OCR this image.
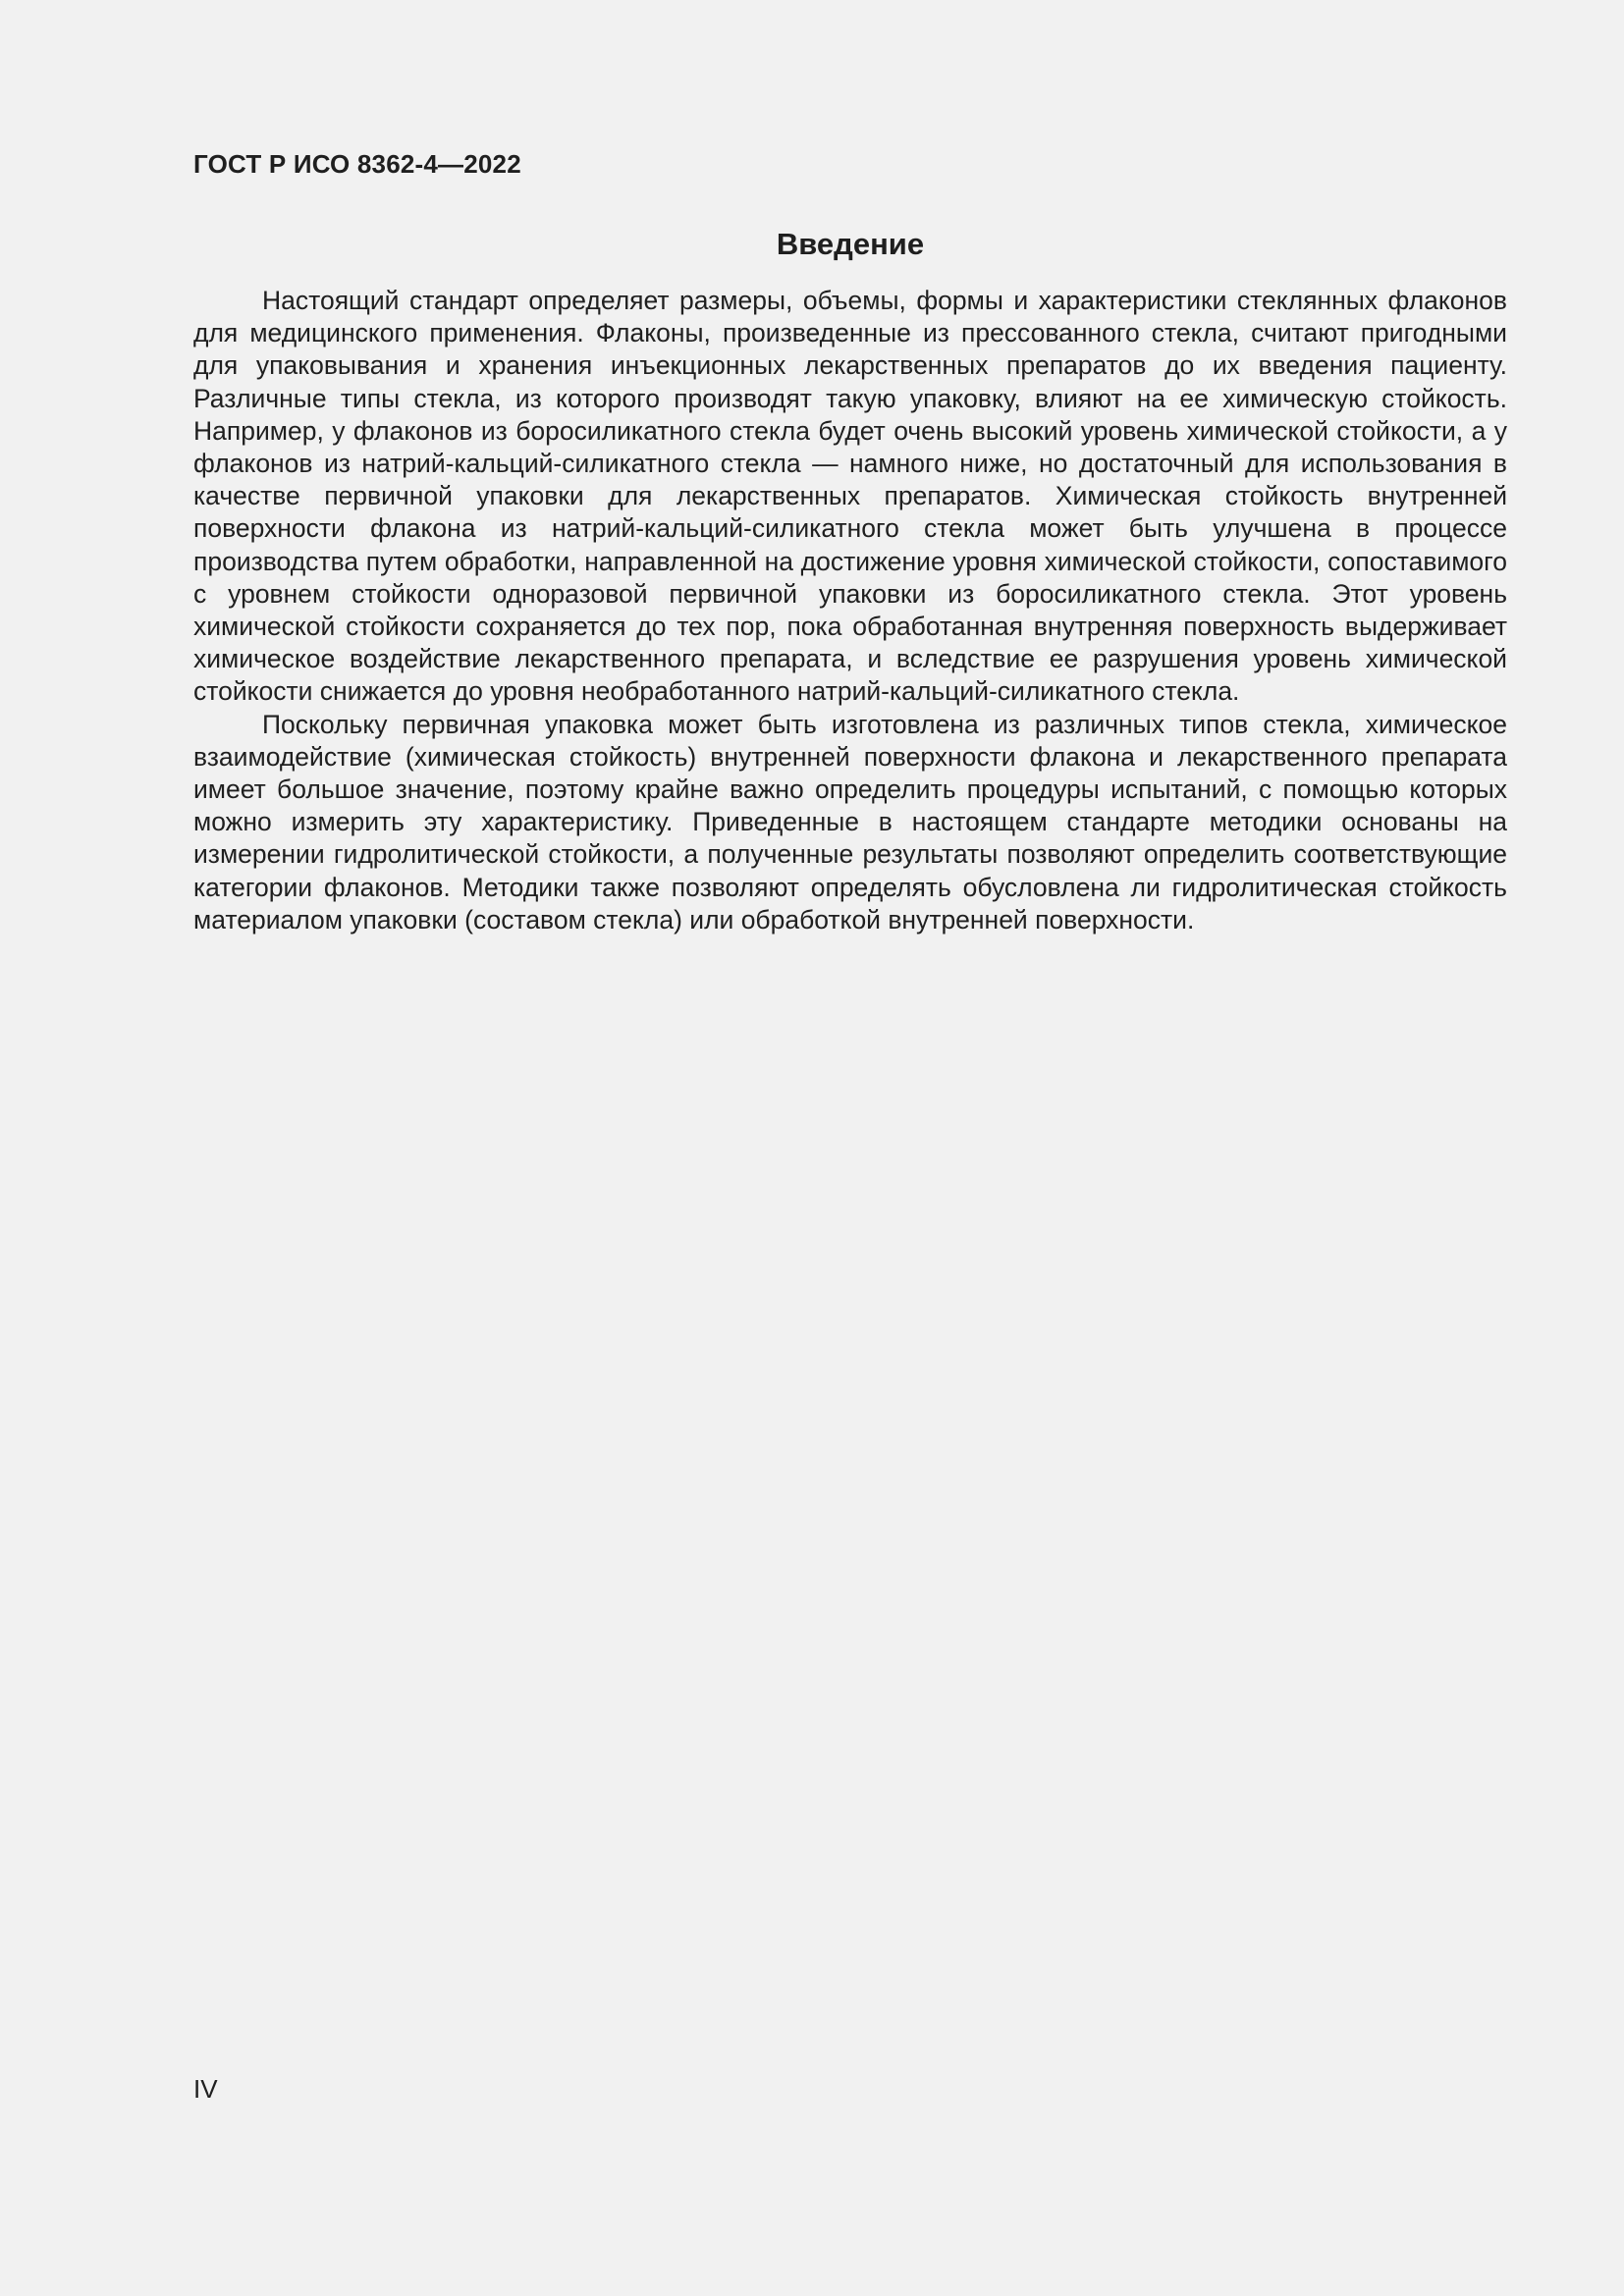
ГОСТ Р ИСО 8362-4—2022
Введение

Настоящий стандарт определяет размеры, объемы, формы и характеристики стеклянных флаконов для медицинского применения. Флаконы, произведенные из прессованного стекла, считают пригодными для упаковывания и хранения инъекционных лекарственных препаратов до их введения пациенту. Различные типы стекла, из которого производят такую упаковку, влияют на ее химическую стойкость. Например, у флаконов из боросиликатного стекла будет очень высокий уровень химической стойкости, а у флаконов из натрий-кальций-силикатного стекла — намного ниже, но достаточный для использования в качестве первичной упаковки для лекарственных препаратов. Химическая стойкость внутренней поверхности флакона из натрий-кальций-силикатного стекла может быть улучшена в процессе производства путем обработки, направленной на достижение уровня химической стойкости, сопоставимого с уровнем стойкости одноразовой первичной упаковки из боросиликатного стекла. Этот уровень химической стойкости сохраняется до тех пор, пока обработанная внутренняя поверхность выдерживает химическое воздействие лекарственного препарата, и вследствие ее разрушения уровень химической стойкости снижается до уровня необработанного натрий-кальций-силикатного стекла.

Поскольку первичная упаковка может быть изготовлена из различных типов стекла, химическое взаимодействие (химическая стойкость) внутренней поверхности флакона и лекарственного препарата имеет большое значение, поэтому крайне важно определить процедуры испытаний, с помощью которых можно измерить эту характеристику. Приведенные в настоящем стандарте методики основаны на измерении гидролитической стойкости, а полученные результаты позволяют определить соответствующие категории флаконов. Методики также позволяют определять обусловлена ли гидролитическая стойкость материалом упаковки (составом стекла) или обработкой внутренней поверхности.

IV
